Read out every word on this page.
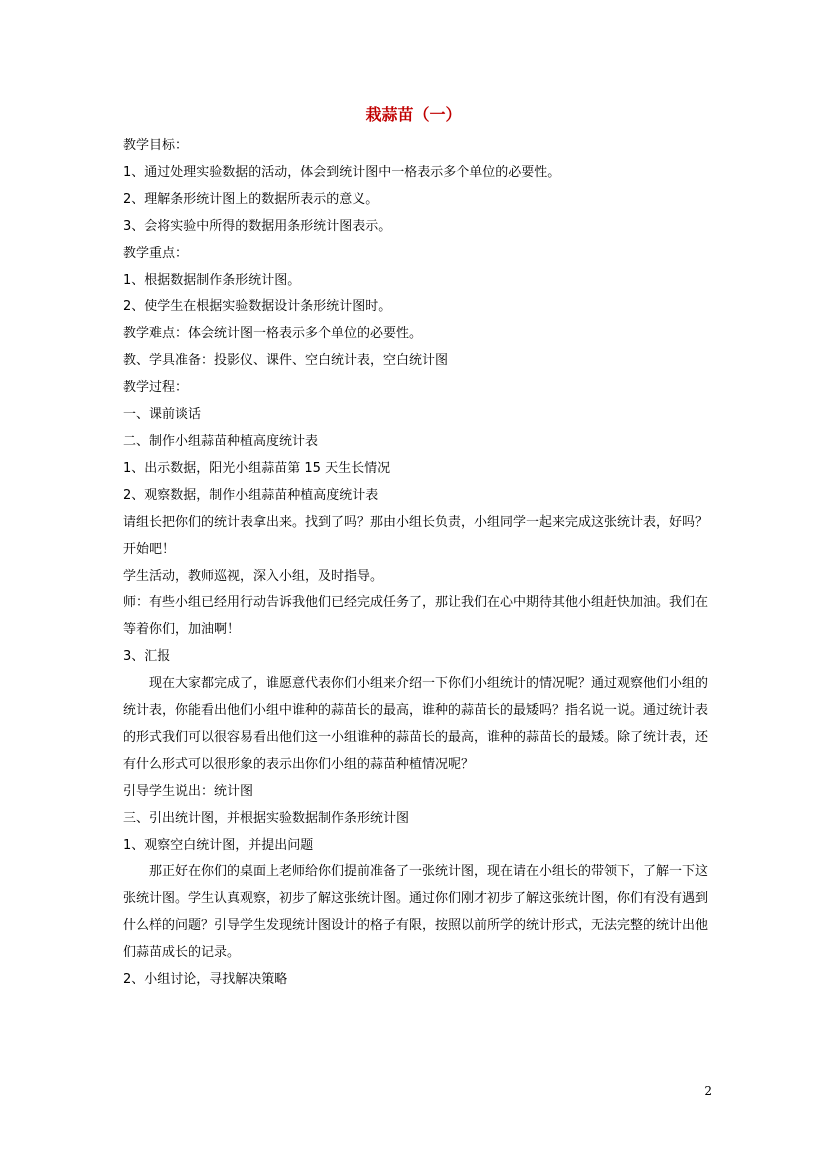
栽蒜苗（一）

教学目标：

1、通过处理实验数据的活动，体会到统计图中一格表示多个单位的必要性。

2、理解条形统计图上的数据所表示的意义。

3、会将实验中所得的数据用条形统计图表示。

教学重点：

1、根据数据制作条形统计图。

2、使学生在根据实验数据设计条形统计图时。

教学难点：体会统计图一格表示多个单位的必要性。

教、学具准备：投影仪、课件、空白统计表，空白统计图

教学过程：

一、课前谈话

二、制作小组蒜苗种植高度统计表

1、出示数据，阳光小组蒜苗第 15 天生长情况

2、观察数据，制作小组蒜苗种植高度统计表

请组长把你们的统计表拿出来。找到了吗？那由小组长负责，小组同学一起来完成这张统计表，好吗？开始吧！

学生活动，教师巡视，深入小组，及时指导。

师：有些小组已经用行动告诉我他们已经完成任务了，那让我们在心中期待其他小组赶快加油。我们在等着你们，加油啊！

3、汇报

现在大家都完成了，谁愿意代表你们小组来介绍一下你们小组统计的情况呢？通过观察他们小组的统计表，你能看出他们小组中谁种的蒜苗长的最高，谁种的蒜苗长的最矮吗？指名说一说。通过统计表的形式我们可以很容易看出他们这一小组谁种的蒜苗长的最高，谁种的蒜苗长的最矮。除了统计表，还有什么形式可以很形象的表示出你们小组的蒜苗种植情况呢？

引导学生说出：统计图

三、引出统计图，并根据实验数据制作条形统计图

1、观察空白统计图，并提出问题

那正好在你们的桌面上老师给你们提前准备了一张统计图，现在请在小组长的带领下，了解一下这张统计图。学生认真观察，初步了解这张统计图。通过你们刚才初步了解这张统计图，你们有没有遇到什么样的问题？引导学生发现统计图设计的格子有限，按照以前所学的统计形式，无法完整的统计出他们蒜苗成长的记录。

2、小组讨论，寻找解决策略

2
